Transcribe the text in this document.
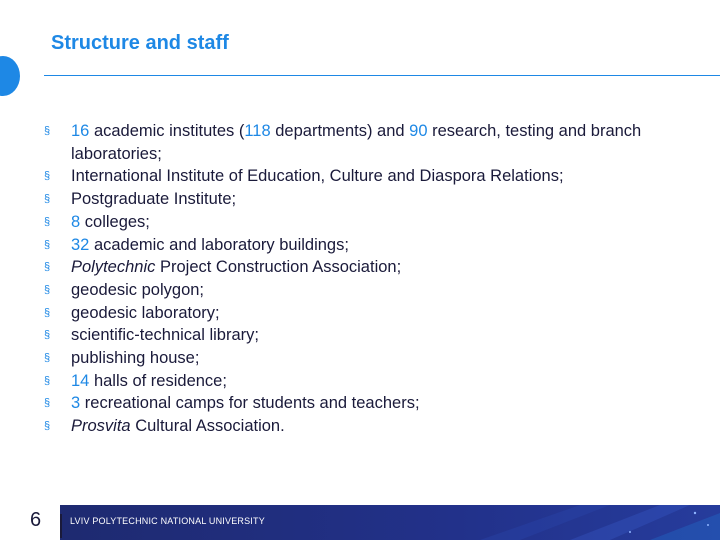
Structure and staff
§ 16 academic institutes (118 departments) and 90 research, testing and branch laboratories;
§ International Institute of Education, Culture and Diaspora Relations;
§ Postgraduate Institute;
§ 8 colleges;
§ 32 academic and laboratory buildings;
§ Polytechnic Project Construction Association;
§ geodesic polygon;
§ geodesic laboratory;
§ scientific-technical library;
§ publishing house;
§ 14 halls of residence;
§ 3 recreational camps for students and teachers;
§ Prosvita Cultural Association.
6	LVIV POLYTECHNIC NATIONAL UNIVERSITY
